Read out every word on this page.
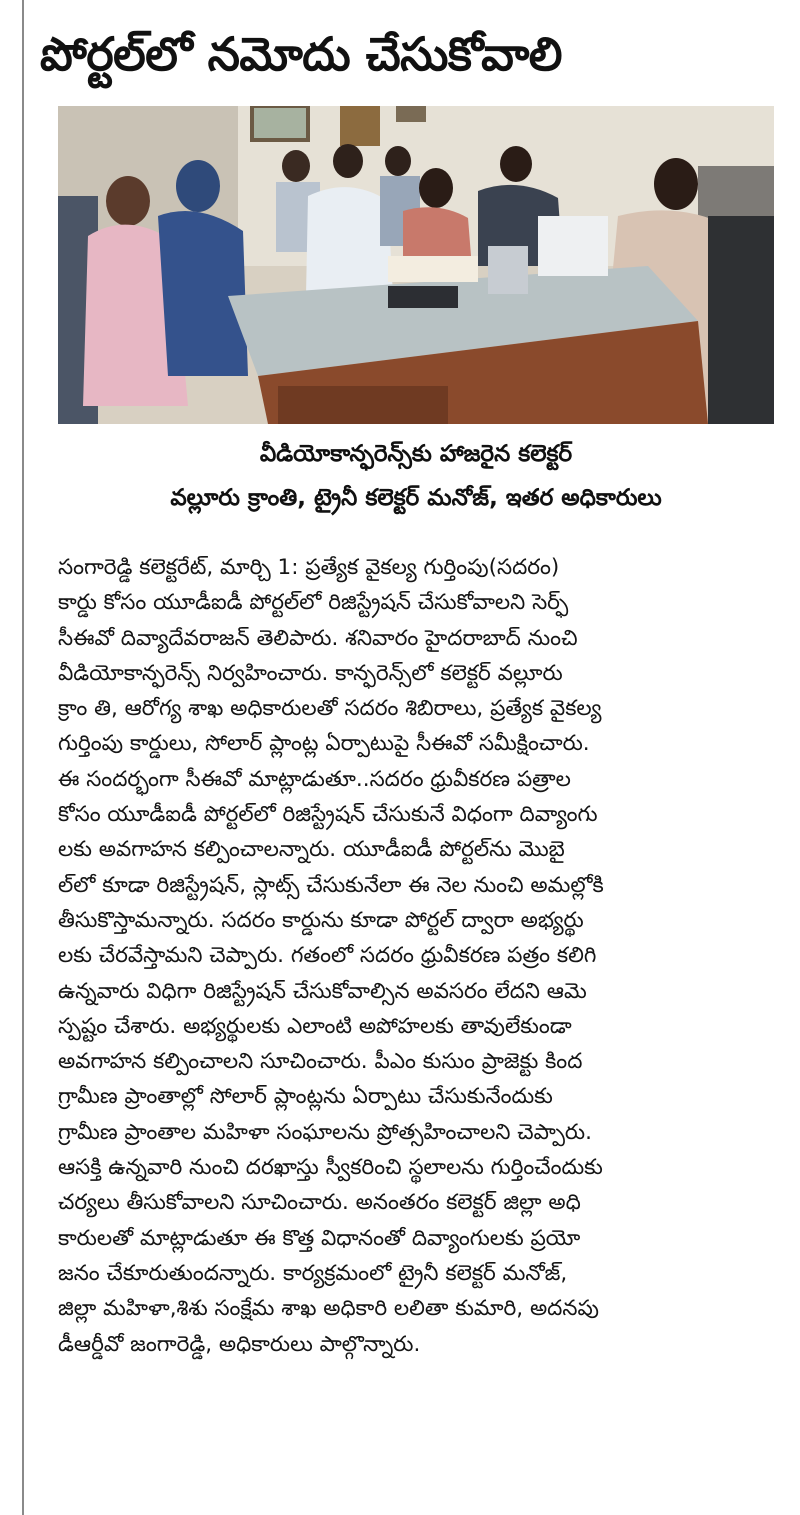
పోర్టల్‌లో నమోదు చేసుకోవాలి
వీడియోకాన్ఫరెన్స్‌కు హాజరైన కలెక్టర్
వల్లూరు క్రాంతి, ట్రైనీ కలెక్టర్ మనోజ్, ఇతర అధికారులు
సంగారెడ్డి కలెక్టరేట్, మార్చి 1: ప్రత్యేక వైకల్య గుర్తింపు(సదరం)
కార్డు కోసం యూడీఐడీ పోర్టల్‌లో రిజిస్ట్రేషన్ చేసుకోవాలని సెర్ఫ్
సీఈవో దివ్యాదేవరాజన్ తెలిపారు. శనివారం హైదరాబాద్ నుంచి
వీడియోకాన్ఫరెన్స్ నిర్వహించారు. కాన్ఫరెన్స్‌లో కలెక్టర్ వల్లూరు
క్రాం తి, ఆరోగ్య శాఖ అధికారులతో సదరం శిబిరాలు, ప్రత్యేక వైకల్య
గుర్తింపు కార్డులు, సోలార్ ప్లాంట్ల ఏర్పాటుపై సీఈవో సమీక్షించారు.
ఈ సందర్భంగా సీఈవో మాట్లాడుతూ..సదరం ధ్రువీకరణ పత్రాల
కోసం యూడీఐడీ పోర్టల్‌లో రిజిస్ట్రేషన్ చేసుకునే విధంగా దివ్యాంగు
లకు అవగాహన కల్పించాలన్నారు. యూడీఐడీ పోర్టల్‌ను మొబై
ల్‌లో కూడా రిజిస్ట్రేషన్, స్లాట్స్ చేసుకునేలా ఈ నెల నుంచి అమల్లోకి
తీసుకొస్తామన్నారు. సదరం కార్డును కూడా పోర్టల్ ద్వారా అభ్యర్థు
లకు చేరవేస్తామని చెప్పారు. గతంలో సదరం ధ్రువీకరణ పత్రం కలిగి
ఉన్నవారు విధిగా రిజిస్ట్రేషన్ చేసుకోవాల్సిన అవసరం లేదని ఆమె
స్పష్టం చేశారు. అభ్యర్థులకు ఎలాంటి అపోహలకు తావులేకుండా
అవగాహన కల్పించాలని సూచించారు. పీఎం కుసుం ప్రాజెక్టు కింద
గ్రామీణ ప్రాంతాల్లో సోలార్ ప్లాంట్లను ఏర్పాటు చేసుకునేందుకు
గ్రామీణ ప్రాంతాల మహిళా సంఘాలను ప్రోత్సహించాలని చెప్పారు.
ఆసక్తి ఉన్నవారి నుంచి దరఖాస్తు స్వీకరించి స్థలాలను గుర్తించేందుకు
చర్యలు తీసుకోవాలని సూచించారు. అనంతరం కలెక్టర్ జిల్లా అధి
కారులతో మాట్లాడుతూ ఈ కొత్త విధానంతో దివ్యాంగులకు ప్రయో
జనం చేకూరుతుందన్నారు. కార్యక్రమంలో ట్రైనీ కలెక్టర్ మనోజ్,
జిల్లా మహిళా,శిశు సంక్షేమ శాఖ అధికారి లలితా కుమారి, అదనపు
డీఆర్డీవో జంగారెడ్డి, అధికారులు పాల్గొన్నారు.
